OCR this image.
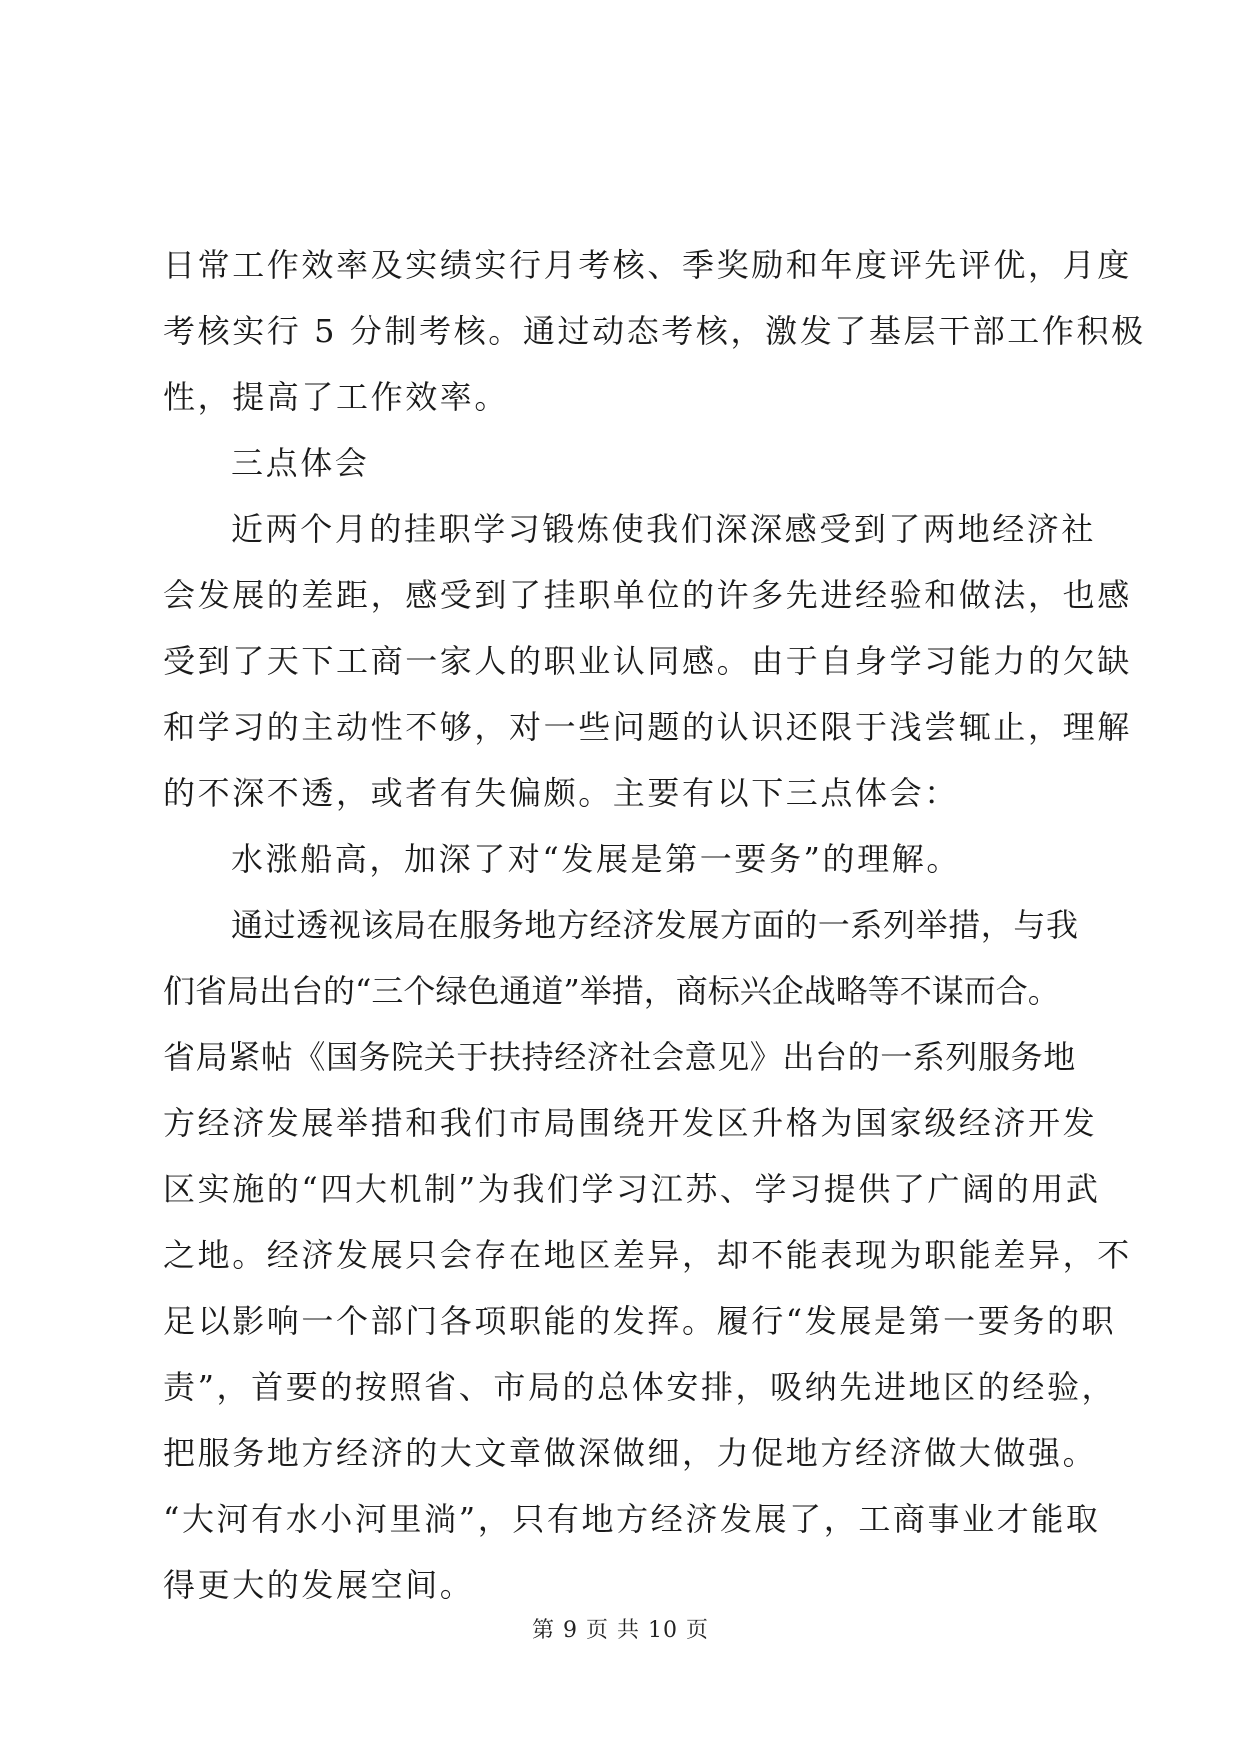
日常工作效率及实绩实行月考核、季奖励和年度评先评优，月度
考核实行 5 分制考核。通过动态考核，激发了基层干部工作积极
性，提高了工作效率。
三点体会
近两个月的挂职学习锻炼使我们深深感受到了两地经济社
会发展的差距，感受到了挂职单位的许多先进经验和做法，也感
受到了天下工商一家人的职业认同感。由于自身学习能力的欠缺
和学习的主动性不够，对一些问题的认识还限于浅尝辄止，理解
的不深不透，或者有失偏颇。主要有以下三点体会：
水涨船高，加深了对“发展是第一要务”的理解。
通过透视该局在服务地方经济发展方面的一系列举措，与我
们省局出台的“三个绿色通道”举措，商标兴企战略等不谋而合。
省局紧帖《国务院关于扶持经济社会意见》出台的一系列服务地
方经济发展举措和我们市局围绕开发区升格为国家级经济开发
区实施的“四大机制”为我们学习江苏、学习提供了广阔的用武
之地。经济发展只会存在地区差异，却不能表现为职能差异，不
足以影响一个部门各项职能的发挥。履行“发展是第一要务的职
责”，首要的按照省、市局的总体安排，吸纳先进地区的经验，
把服务地方经济的大文章做深做细，力促地方经济做大做强。
“大河有水小河里淌”，只有地方经济发展了，工商事业才能取
得更大的发展空间。
第 9 页 共 10 页
